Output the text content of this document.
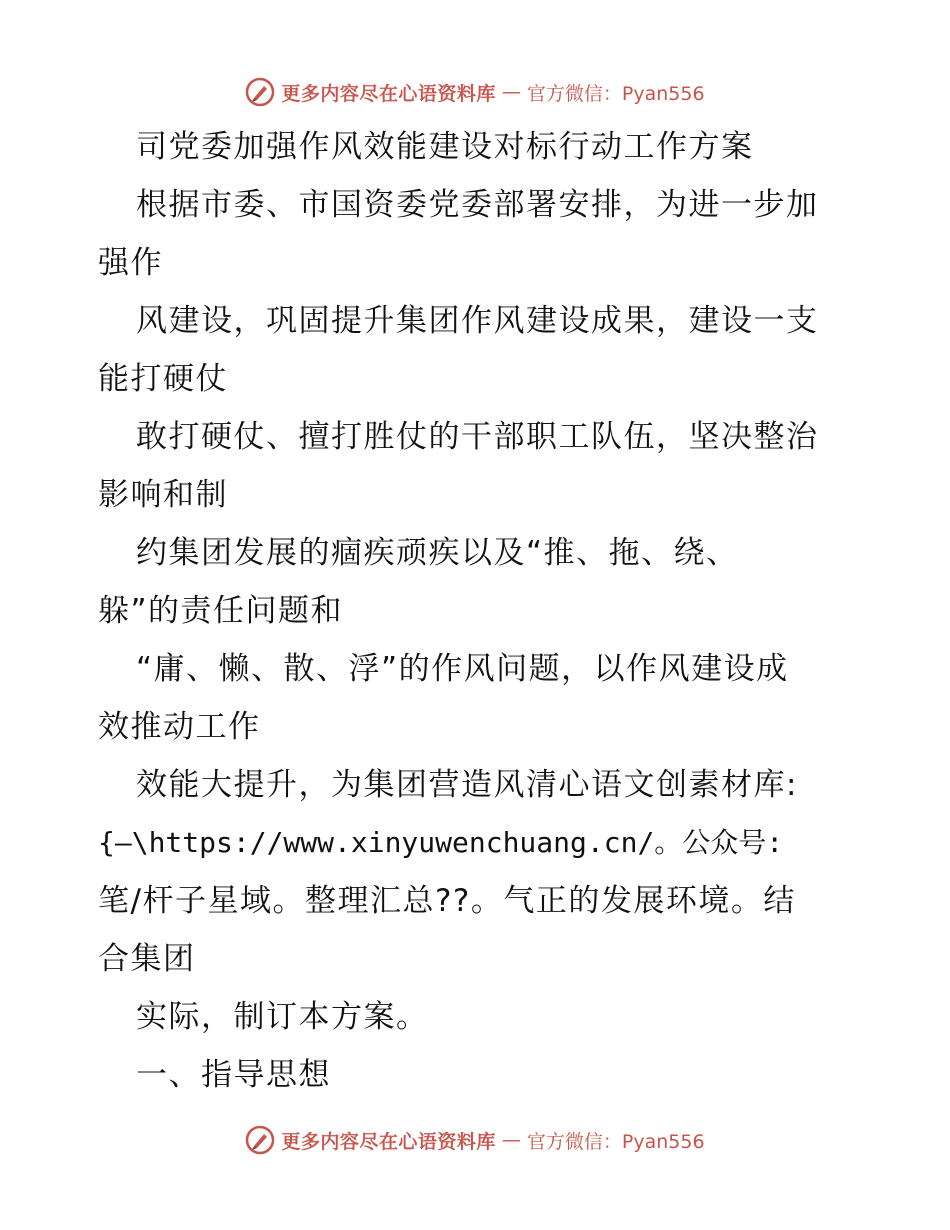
更多内容尽在心语资料库 — 官方微信：Pyan556
司党委加强作风效能建设对标行动工作方案
根据市委、市国资委党委部署安排，为进一步加
强作
风建设，巩固提升集团作风建设成果，建设一支
能打硬仗
敢打硬仗、擅打胜仗的干部职工队伍，坚决整治
影响和制
约集团发展的痼疾顽疾以及“推、拖、绕、
躲”的责任问题和
“庸、懒、散、浮”的作风问题，以作风建设成
效推动工作
效能大提升，为集团营造风清心语文创素材库:
{—\https://www.xinyuwenchuang.cn/。公众号:
笔/杆子星域。整理汇总??。气正的发展环境。结
合集团
实际，制订本方案。
一、指导思想
更多内容尽在心语资料库 — 官方微信：Pyan556
